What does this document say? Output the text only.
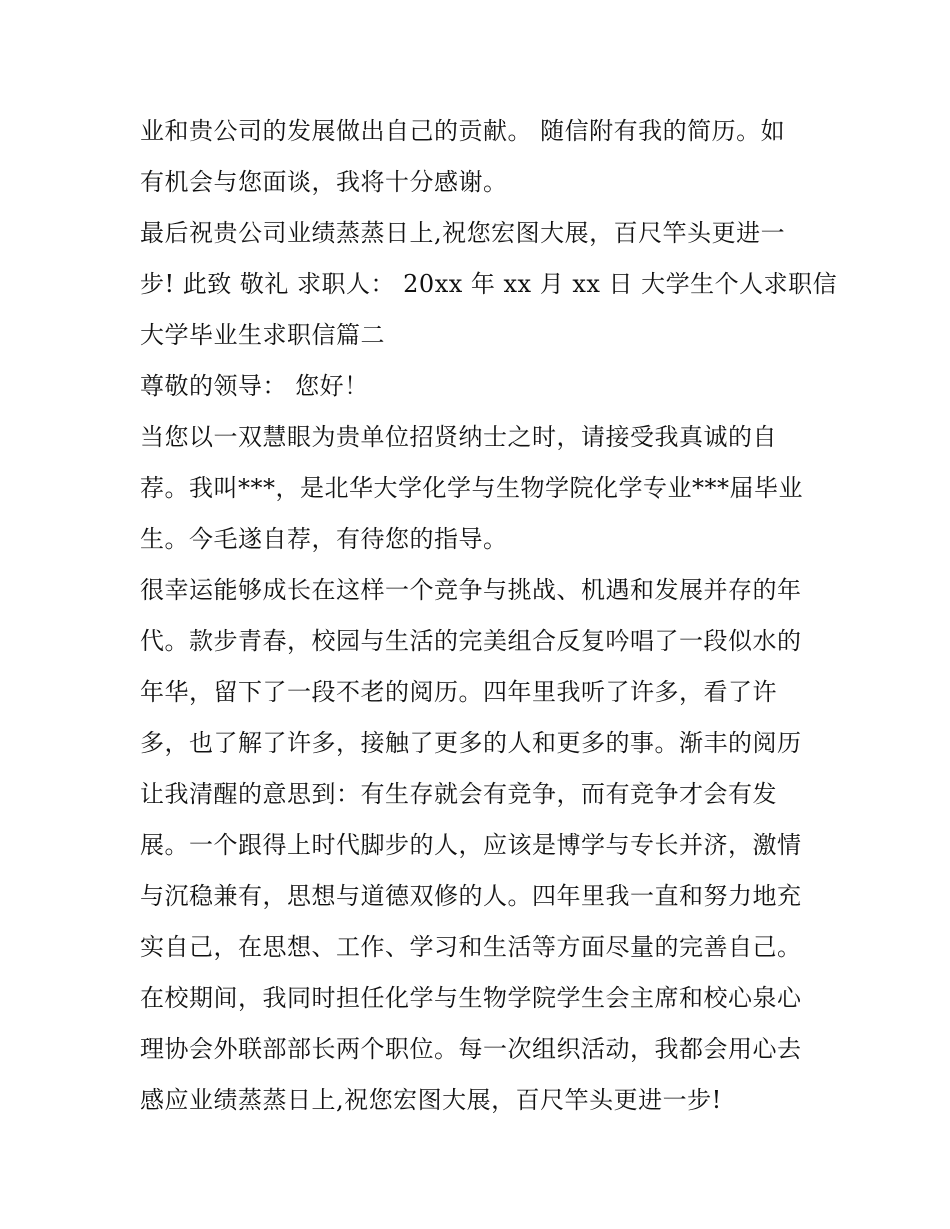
业和贵公司的发展做出自己的贡献。 随信附有我的简历。如
有机会与您面谈，我将十分感谢。
最后祝贵公司业绩蒸蒸日上,祝您宏图大展，百尺竿头更进一
步! 此致 敬礼 求职人： 20xx 年 xx 月 xx 日 大学生个人求职信
大学毕业生求职信篇二
尊敬的领导： 您好！
当您以一双慧眼为贵单位招贤纳士之时，请接受我真诚的自
荐。我叫***，是北华大学化学与生物学院化学专业***届毕业
生。今毛遂自荐，有待您的指导。
很幸运能够成长在这样一个竞争与挑战、机遇和发展并存的年
代。款步青春，校园与生活的完美组合反复吟唱了一段似水的
年华，留下了一段不老的阅历。四年里我听了许多，看了许
多，也了解了许多，接触了更多的人和更多的事。渐丰的阅历
让我清醒的意思到：有生存就会有竞争，而有竞争才会有发
展。一个跟得上时代脚步的人，应该是博学与专长并济，激情
与沉稳兼有，思想与道德双修的人。四年里我一直和努力地充
实自己，在思想、工作、学习和生活等方面尽量的完善自己。
在校期间，我同时担任化学与生物学院学生会主席和校心泉心
理协会外联部部长两个职位。每一次组织活动，我都会用心去
感应业绩蒸蒸日上,祝您宏图大展，百尺竿头更进一步!
